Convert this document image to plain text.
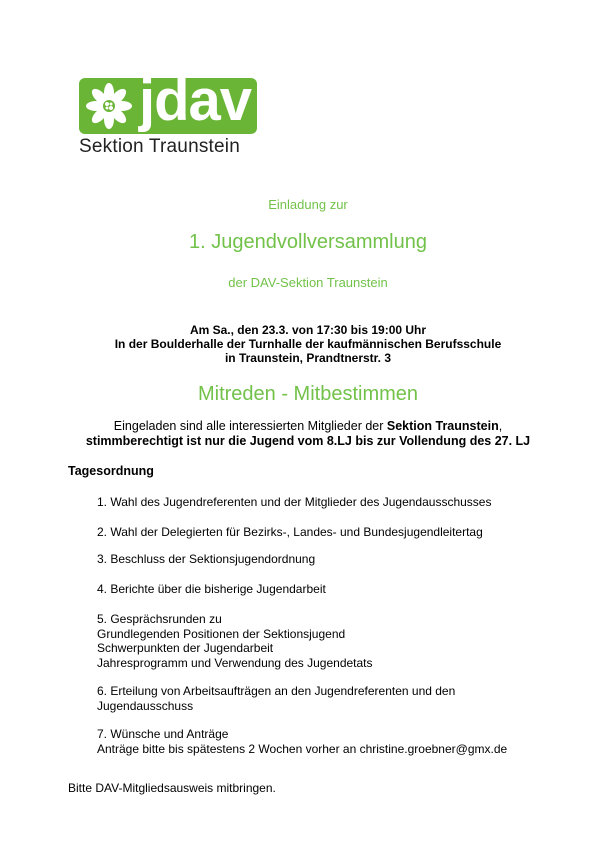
jdav
Sektion Traunstein
Einladung zur
1. Jugendvollversammlung
der DAV-Sektion Traunstein
Am Sa., den 23.3. von 17:30 bis 19:00 Uhr
In der Boulderhalle der Turnhalle der kaufmännischen Berufsschule
in Traunstein, Prandtnerstr. 3
Mitreden - Mitbestimmen
Eingeladen sind alle interessierten Mitglieder der Sektion Traunstein,
stimmberechtigt ist nur die Jugend vom 8.LJ bis zur Vollendung des 27. LJ
Tagesordnung
1. Wahl des Jugendreferenten und der Mitglieder des Jugendausschusses
2. Wahl der Delegierten für Bezirks-, Landes- und Bundesjugendleitertag
3. Beschluss der Sektionsjugendordnung
4. Berichte über die bisherige Jugendarbeit
5. Gesprächsrunden zu
Grundlegenden Positionen der Sektionsjugend
Schwerpunkten der Jugendarbeit
Jahresprogramm und Verwendung des Jugendetats
6. Erteilung von Arbeitsaufträgen an den Jugendreferenten und den
Jugendausschuss
7. Wünsche und Anträge
Anträge bitte bis spätestens 2 Wochen vorher an christine.groebner@gmx.de
Bitte DAV-Mitgliedsausweis mitbringen.
